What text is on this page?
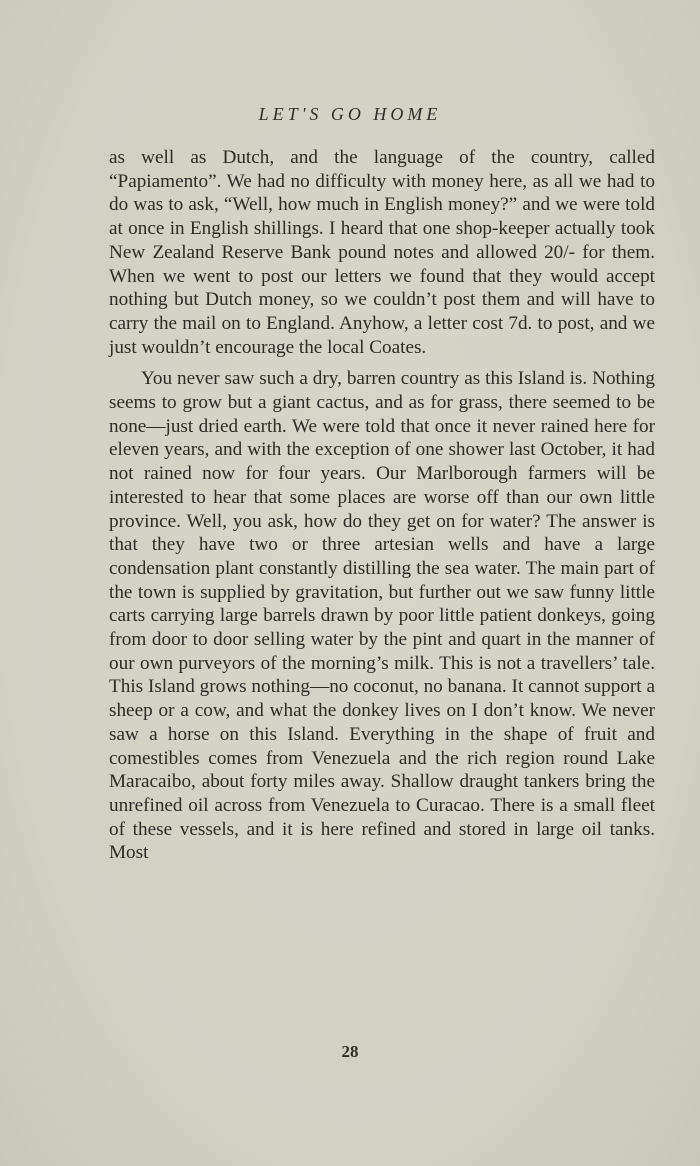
LET'S GO HOME

as well as Dutch, and the language of the country, called “Papiamento”. We had no difficulty with money here, as all we had to do was to ask, “Well, how much in English money?” and we were told at once in English shillings. I heard that one shop-keeper actually took New Zealand Reserve Bank pound notes and allowed 20/- for them. When we went to post our letters we found that they would accept nothing but Dutch money, so we couldn’t post them and will have to carry the mail on to England. Anyhow, a letter cost 7d. to post, and we just wouldn’t encourage the local Coates.

You never saw such a dry, barren country as this Island is. Nothing seems to grow but a giant cactus, and as for grass, there seemed to be none—just dried earth. We were told that once it never rained here for eleven years, and with the exception of one shower last October, it had not rained now for four years. Our Marlborough farmers will be interested to hear that some places are worse off than our own little province. Well, you ask, how do they get on for water? The answer is that they have two or three artesian wells and have a large condensation plant constantly distilling the sea water. The main part of the town is supplied by gravitation, but further out we saw funny little carts carrying large barrels drawn by poor little patient donkeys, going from door to door selling water by the pint and quart in the manner of our own purveyors of the morning’s milk. This is not a travellers’ tale. This Island grows nothing—no coconut, no banana. It cannot support a sheep or a cow, and what the donkey lives on I don’t know. We never saw a horse on this Island. Everything in the shape of fruit and comestibles comes from Venezuela and the rich region round Lake Maracaibo, about forty miles away. Shallow draught tankers bring the unrefined oil across from Venezuela to Curacao. There is a small fleet of these vessels, and it is here refined and stored in large oil tanks. Most

28
